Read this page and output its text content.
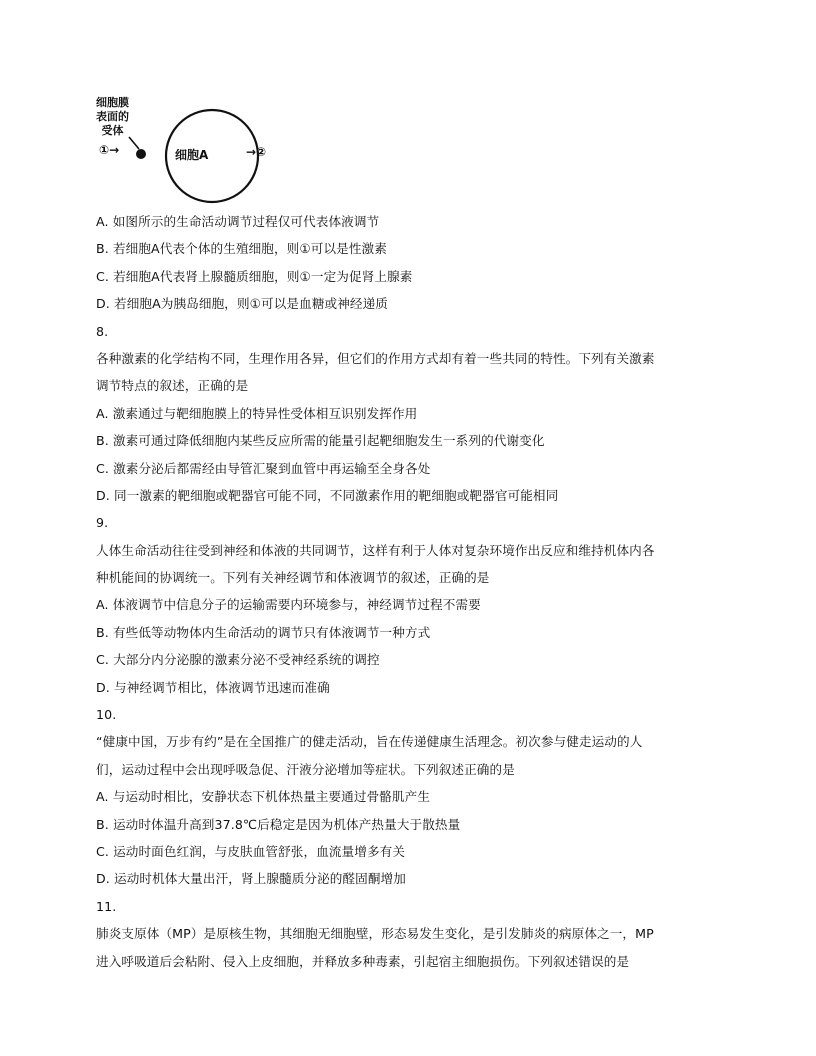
细胞膜
表面的
受体
①→	细胞A	→②
A. 如图所示的生命活动调节过程仅可代表体液调节
B. 若细胞A代表个体的生殖细胞，则①可以是性激素
C. 若细胞A代表肾上腺髓质细胞，则①一定为促肾上腺素
D. 若细胞A为胰岛细胞，则①可以是血糖或神经递质
8.
各种激素的化学结构不同，生理作用各异，但它们的作用方式却有着一些共同的特性。下列有关激素
调节特点的叙述，正确的是
A. 激素通过与靶细胞膜上的特异性受体相互识别发挥作用
B. 激素可通过降低细胞内某些反应所需的能量引起靶细胞发生一系列的代谢变化
C. 激素分泌后都需经由导管汇聚到血管中再运输至全身各处
D. 同一激素的靶细胞或靶器官可能不同，不同激素作用的靶细胞或靶器官可能相同
9.
人体生命活动往往受到神经和体液的共同调节，这样有利于人体对复杂环境作出反应和维持机体内各
种机能间的协调统一。下列有关神经调节和体液调节的叙述，正确的是
A. 体液调节中信息分子的运输需要内环境参与，神经调节过程不需要
B. 有些低等动物体内生命活动的调节只有体液调节一种方式
C. 大部分内分泌腺的激素分泌不受神经系统的调控
D. 与神经调节相比，体液调节迅速而准确
10.
“健康中国，万步有约”是在全国推广的健走活动，旨在传递健康生活理念。初次参与健走运动的人
们，运动过程中会出现呼吸急促、汗液分泌增加等症状。下列叙述正确的是
A. 与运动时相比，安静状态下机体热量主要通过骨骼肌产生
B. 运动时体温升高到37.8℃后稳定是因为机体产热量大于散热量
C. 运动时面色红润，与皮肤血管舒张，血流量增多有关
D. 运动时机体大量出汗，肾上腺髓质分泌的醛固酮增加
11.
肺炎支原体（MP）是原核生物，其细胞无细胞壁，形态易发生变化，是引发肺炎的病原体之一，MP
进入呼吸道后会粘附、侵入上皮细胞，并释放多种毒素，引起宿主细胞损伤。下列叙述错误的是
